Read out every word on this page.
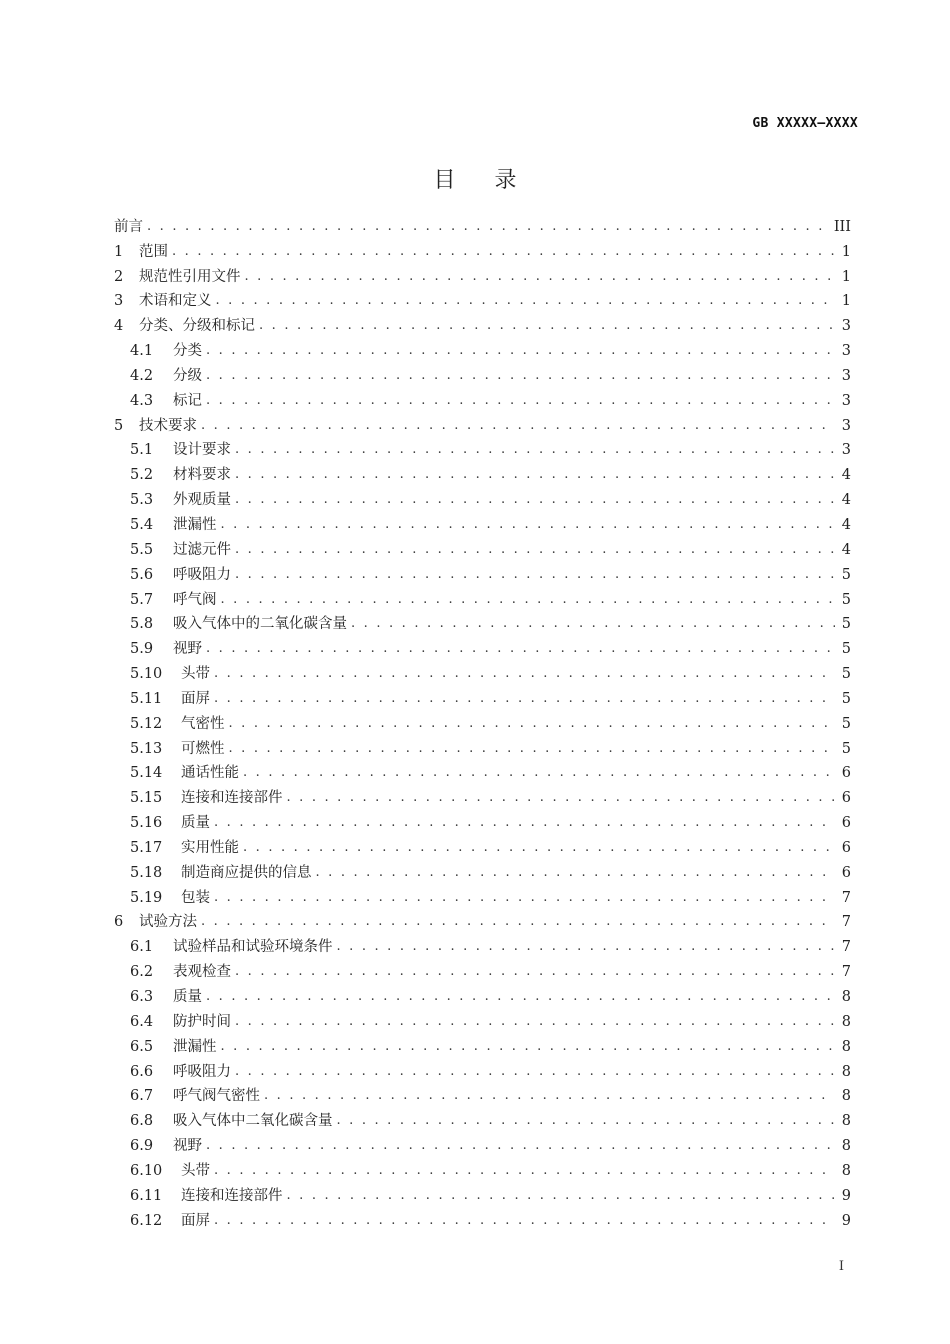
GB XXXXX—XXXX
目 录
前言 . . .	III
1	范围 . . .	1
2	规范性引用文件 . . .	1
3	术语和定义 . . .	1
4	分类、分级和标记 . . .	3
4.1	分类 . . .	3
4.2	分级 . . .	3
4.3	标记 . . .	3
5	技术要求 . . .	3
5.1	设计要求 . . .	3
5.2	材料要求 . . .	4
5.3	外观质量 . . .	4
5.4	泄漏性 . . .	4
5.5	过滤元件 . . .	4
5.6	呼吸阻力 . . .	5
5.7	呼气阀 . . .	5
5.8	吸入气体中的二氧化碳含量 . . .	5
5.9	视野 . . .	5
5.10	头带 . . .	5
5.11	面屏 . . .	5
5.12	气密性 . . .	5
5.13	可燃性 . . .	5
5.14	通话性能 . . .	6
5.15	连接和连接部件 . . .	6
5.16	质量 . . .	6
5.17	实用性能 . . .	6
5.18	制造商应提供的信息 . . .	6
5.19	包装 . . .	7
6	试验方法 . . .	7
6.1	试验样品和试验环境条件 . . .	7
6.2	表观检查 . . .	7
6.3	质量 . . .	8
6.4	防护时间 . . .	8
6.5	泄漏性 . . .	8
6.6	呼吸阻力 . . .	8
6.7	呼气阀气密性 . . .	8
6.8	吸入气体中二氧化碳含量 . . .	8
6.9	视野 . . .	8
6.10	头带 . . .	8
6.11	连接和连接部件 . . .	9
6.12	面屏 . . .	9
I
